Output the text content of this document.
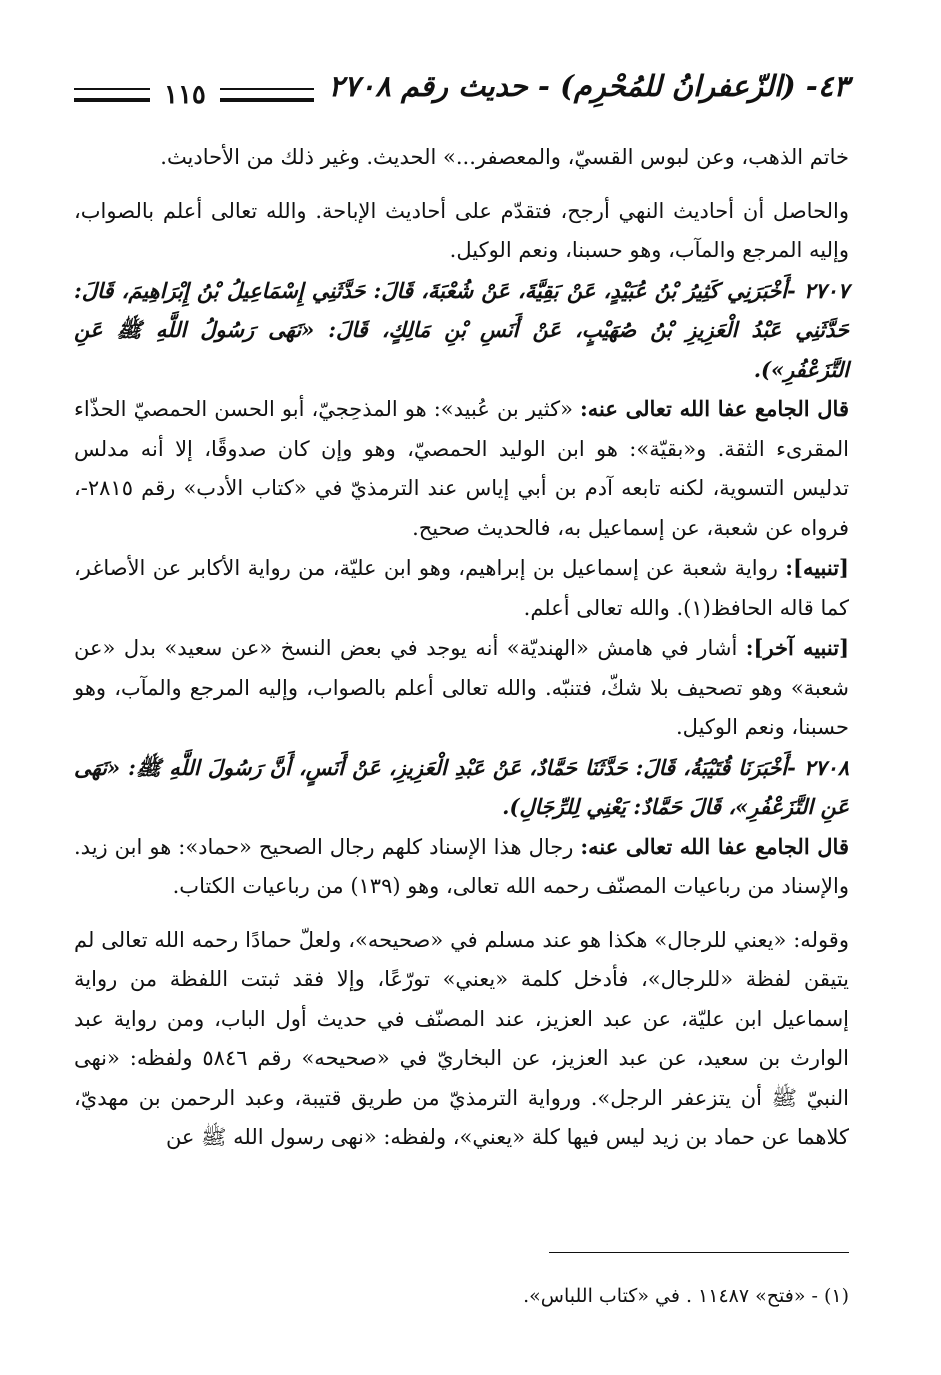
٤٣- (الزّعفرانُ للمُحْرِم) - حديث رقم ٢٧٠٨
١١٥

خاتم الذهب، وعن لبوس القسيّ، والمعصفر...» الحديث. وغير ذلك من الأحاديث.

والحاصل أن أحاديث النهي أرجح، فتقدّم على أحاديث الإباحة. والله تعالى أعلم بالصواب، وإليه المرجع والمآب، وهو حسبنا، ونعم الوكيل.

٢٧٠٧ -أَخْبَرَنِي كَثِيرُ بْنُ عُبَيْدٍ، عَنْ بَقِيَّةَ، عَنْ شُعْبَةَ، قَالَ: حَدَّثَنِي إِسْمَاعِيلُ بْنُ إِبْرَاهِيمَ، قَالَ: حَدَّثَنِي عَبْدُ الْعَزِيزِ بْنُ صُهَيْبٍ، عَنْ أَنَسِ بْنِ مَالِكٍ، قَالَ: «نَهَى رَسُولُ اللَّهِ ﷺ عَنِ التَّزَعْفُرِ»).

قال الجامع عفا الله تعالى عنه: «كثير بن عُبيد»: هو المذحِجيّ، أبو الحسن الحمصيّ الحذّاء المقرىء الثقة. و«بقيّة»: هو ابن الوليد الحمصيّ، وهو وإن كان صدوقًا، إلا أنه مدلس تدليس التسوية، لكنه تابعه آدم بن أبي إياس عند الترمذيّ في «كتاب الأدب» رقم ٢٨١٥-، فرواه عن شعبة، عن إسماعيل به، فالحديث صحيح.

[تنبيه]: رواية شعبة عن إسماعيل بن إبراهيم، وهو ابن عليّة، من رواية الأكابر عن الأصاغر، كما قاله الحافظ(١). والله تعالى أعلم.

[تنبيه آخر]: أشار في هامش «الهنديّة» أنه يوجد في بعض النسخ «عن سعيد» بدل «عن شعبة» وهو تصحيف بلا شكّ، فتنبّه. والله تعالى أعلم بالصواب، وإليه المرجع والمآب، وهو حسبنا، ونعم الوكيل.

٢٧٠٨ -أَخْبَرَنَا قُتَيْبَةُ، قَالَ: حَدَّثَنَا حَمَّادٌ، عَنْ عَبْدِ الْعَزِيزِ، عَنْ أَنَسٍ، أَنَّ رَسُولَ اللَّهِ ﷺ: «نَهَى عَنِ التَّزَعْفُرِ»، قَالَ حَمَّادٌ: يَعْنِي لِلرِّجَالِ).

قال الجامع عفا الله تعالى عنه: رجال هذا الإسناد كلهم رجال الصحيح «حماد»: هو ابن زيد. والإسناد من رباعيات المصنّف رحمه الله تعالى، وهو (١٣٩) من رباعيات الكتاب.

وقوله: «يعني للرجال» هكذا هو عند مسلم في «صحيحه»، ولعلّ حمادًا رحمه الله تعالى لم يتيقن لفظة «للرجال»، فأدخل كلمة «يعني» تورّعًا، وإلا فقد ثبتت اللفظة من رواية إسماعيل ابن عليّة، عن عبد العزيز، عند المصنّف في حديث أول الباب، ومن رواية عبد الوارث بن سعيد، عن عبد العزيز، عن البخاريّ في «صحيحه» رقم ٥٨٤٦ ولفظه: «نهى النبيّ ﷺ أن يتزعفر الرجل». ورواية الترمذيّ من طريق قتيبة، وعبد الرحمن بن مهديّ، كلاهما عن حماد بن زيد ليس فيها كلة «يعني»، ولفظه: «نهى رسول الله ﷺ عن

(١) - «فتح» ١١٤٨٧ . في «كتاب اللباس».
